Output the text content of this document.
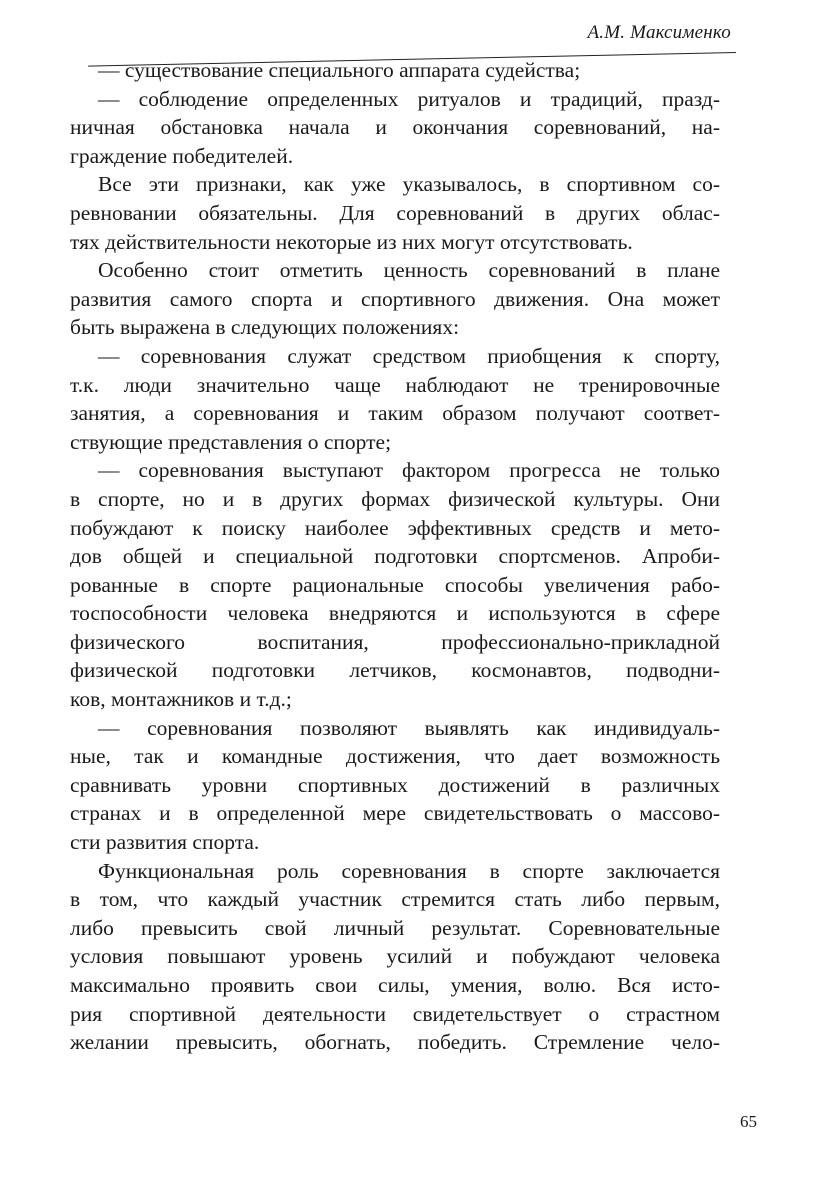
А.М. Максименко
— существование специального аппарата судейства;
— соблюдение определенных ритуалов и традиций, празд-
ничная обстановка начала и окончания соревнований, на-
граждение победителей.
Все эти признаки, как уже указывалось, в спортивном со-
ревновании обязательны. Для соревнований в других облас-
тях действительности некоторые из них могут отсутствовать.
Особенно стоит отметить ценность соревнований в плане
развития самого спорта и спортивного движения. Она может
быть выражена в следующих положениях:
— соревнования служат средством приобщения к спорту,
т.к. люди значительно чаще наблюдают не тренировочные
занятия, а соревнования и таким образом получают соответ-
ствующие представления о спорте;
— соревнования выступают фактором прогресса не только
в спорте, но и в других формах физической культуры. Они
побуждают к поиску наиболее эффективных средств и мето-
дов общей и специальной подготовки спортсменов. Апроби-
рованные в спорте рациональные способы увеличения рабо-
тоспособности человека внедряются и используются в сфере
физического воспитания, профессионально-прикладной
физической подготовки летчиков, космонавтов, подводни-
ков, монтажников и т.д.;
— соревнования позволяют выявлять как индивидуаль-
ные, так и командные достижения, что дает возможность
сравнивать уровни спортивных достижений в различных
странах и в определенной мере свидетельствовать о массово-
сти развития спорта.
Функциональная роль соревнования в спорте заключается
в том, что каждый участник стремится стать либо первым,
либо превысить свой личный результат. Соревновательные
условия повышают уровень усилий и побуждают человека
максимально проявить свои силы, умения, волю. Вся исто-
рия спортивной деятельности свидетельствует о страстном
желании превысить, обогнать, победить. Стремление чело-
65
